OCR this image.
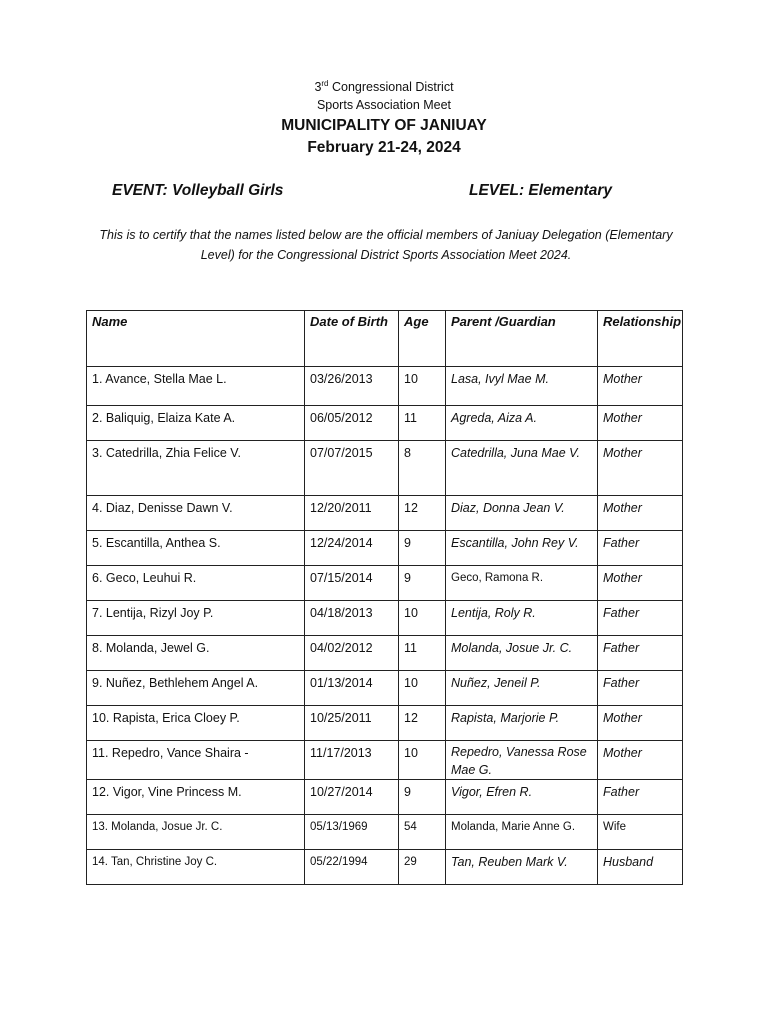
3rd Congressional District
Sports Association Meet
MUNICIPALITY OF JANIUAY
February 21-24, 2024
EVENT: Volleyball Girls	LEVEL: Elementary
This is to certify that the names listed below are the official members of Janiuay Delegation (Elementary Level) for the Congressional District Sports Association Meet 2024.
Name	Date of Birth	Age	Parent /Guardian	Relationship
1. Avance, Stella Mae L.	03/26/2013	10	Lasa, Ivyl Mae M.	Mother
2. Baliquig, Elaiza Kate A.	06/05/2012	11	Agreda, Aiza A.	Mother
3. Catedrilla, Zhia Felice V.	07/07/2015	8	Catedrilla, Juna Mae V.	Mother
4. Diaz, Denisse Dawn V.	12/20/2011	12	Diaz, Donna Jean V.	Mother
5. Escantilla, Anthea S.	12/24/2014	9	Escantilla, John Rey V.	Father
6. Geco, Leuhui R.	07/15/2014	9	Geco, Ramona R.	Mother
7. Lentija, Rizyl Joy P.	04/18/2013	10	Lentija, Roly R.	Father
8. Molanda, Jewel G.	04/02/2012	11	Molanda, Josue Jr. C.	Father
9. Nuñez, Bethlehem Angel A.	01/13/2014	10	Nuñez, Jeneil P.	Father
10. Rapista, Erica Cloey P.	10/25/2011	12	Rapista, Marjorie P.	Mother
11. Repedro, Vance Shaira -	11/17/2013	10	Repedro, Vanessa Rose Mae G.	Mother
12. Vigor, Vine Princess M.	10/27/2014	9	Vigor, Efren R.	Father
13. Molanda, Josue Jr. C.	05/13/1969	54	Molanda, Marie Anne G.	Wife
14. Tan, Christine Joy C.	05/22/1994	29	Tan, Reuben Mark V.	Husband
